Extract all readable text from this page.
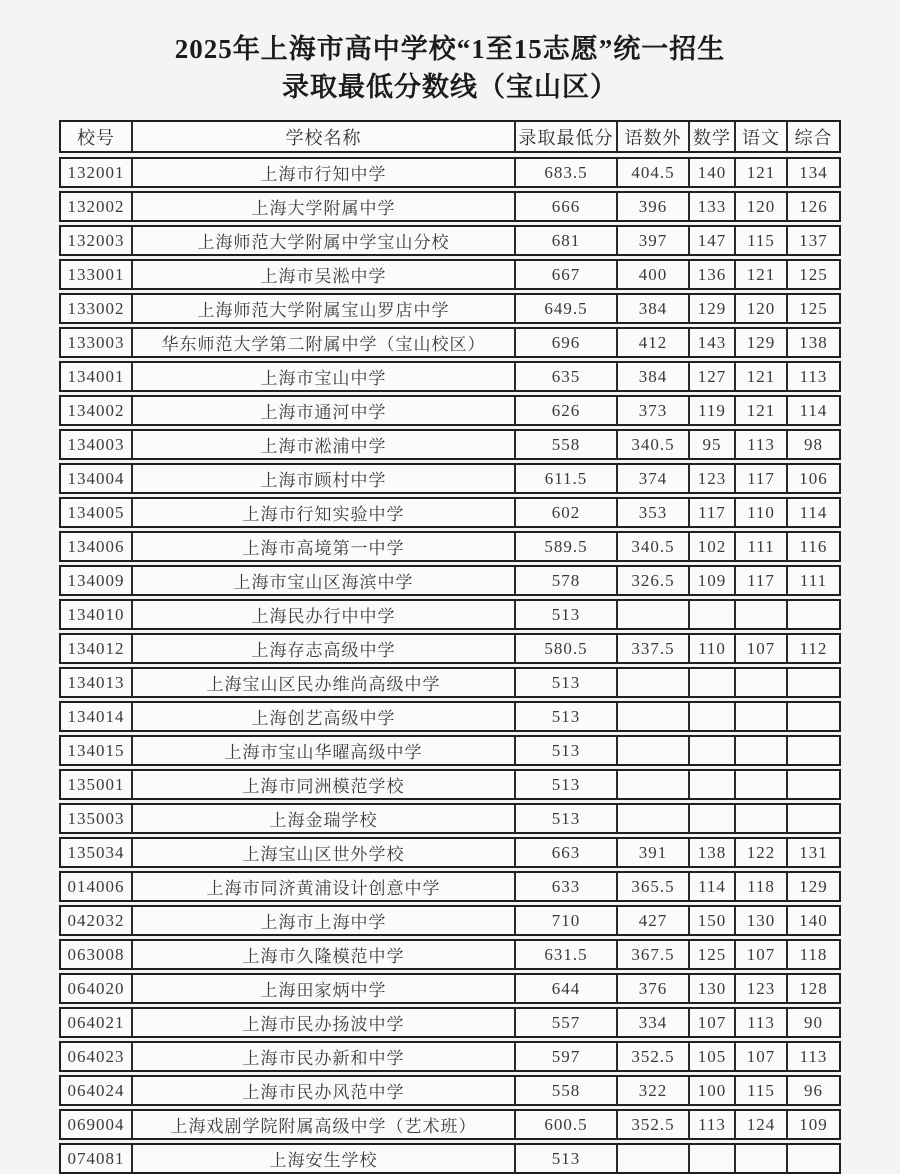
2025年上海市高中学校“1至15志愿”统一招生
录取最低分数线（宝山区）
校号	学校名称	录取最低分 语数外 数学 语文 综合
132001	上海市行知中学	683.5	404.5	140	121	134
132002	上海大学附属中学	666	396	133	120	126
132003	上海师范大学附属中学宝山分校	681	397	147	115	137
133001	上海市吴淞中学	667	400	136	121	125
133002	上海师范大学附属宝山罗店中学	649.5	384	129	120	125
133003	华东师范大学第二附属中学（宝山校区）	696	412	143	129	138
134001	上海市宝山中学	635	384	127	121	113
134002	上海市通河中学	626	373	119	121	114
134003	上海市淞浦中学	558	340.5	95	113	98
134004	上海市顾村中学	611.5	374	123	117	106
134005	上海市行知实验中学	602	353	117	110	114
134006	上海市高境第一中学	589.5	340.5	102	111	116
134009	上海市宝山区海滨中学	578	326.5	109	117	111
134010	上海民办行中中学	513
134012	上海存志高级中学	580.5	337.5	110	107	112
134013	上海宝山区民办维尚高级中学	513
134014	上海创艺高级中学	513
134015	上海市宝山华曜高级中学	513
135001	上海市同洲模范学校	513
135003	上海金瑞学校	513
135034	上海宝山区世外学校	663	391	138	122	131
014006	上海市同济黄浦设计创意中学	633	365.5	114	118	129
042032	上海市上海中学	710	427	150	130	140
063008	上海市久隆模范中学	631.5	367.5	125	107	118
064020	上海田家炳中学	644	376	130	123	128
064021	上海市民办扬波中学	557	334	107	113	90
064023	上海市民办新和中学	597	352.5	105	107	113
064024	上海市民办风范中学	558	322	100	115	96
069004	上海戏剧学院附属高级中学（艺术班）	600.5	352.5	113	124	109
074081	上海安生学校	513
